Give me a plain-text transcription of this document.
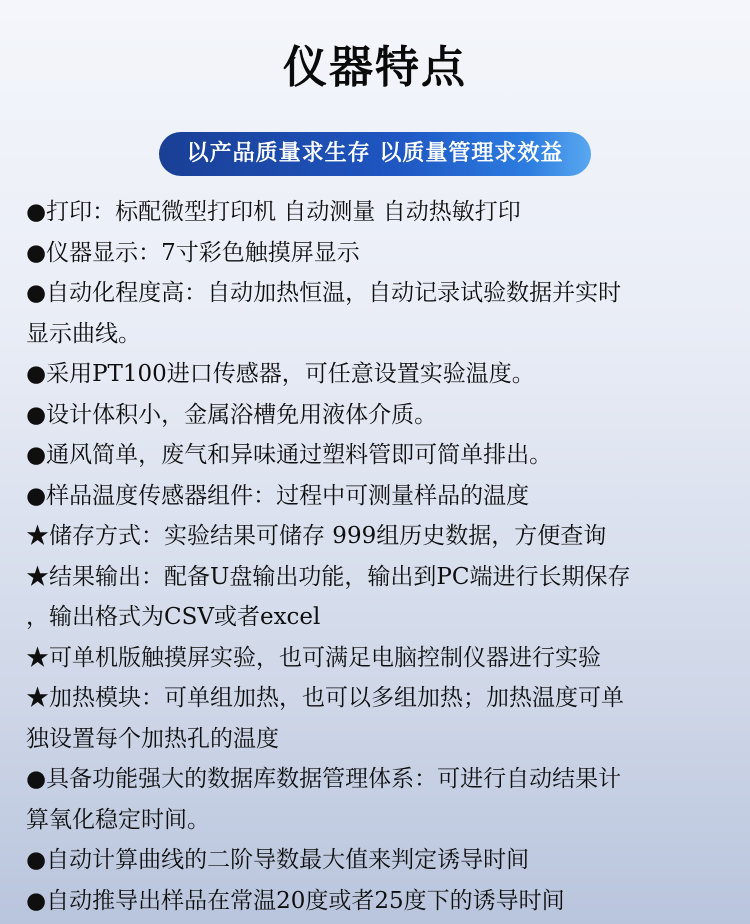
仪器特点
以产品质量求生存 以质量管理求效益
●打印：标配微型打印机 自动测量 自动热敏打印
●仪器显示：7寸彩色触摸屏显示
●自动化程度高：自动加热恒温，自动记录试验数据并实时
显示曲线。
●采用PT100进口传感器，可任意设置实验温度。
●设计体积小，金属浴槽免用液体介质。
●通风简单，废气和异味通过塑料管即可简单排出。
●样品温度传感器组件：过程中可测量样品的温度
★储存方式：实验结果可储存 999组历史数据，方便查询
★结果输出：配备U盘输出功能，输出到PC端进行长期保存
，输出格式为CSV或者excel
★可单机版触摸屏实验，也可满足电脑控制仪器进行实验
★加热模块：可单组加热，也可以多组加热；加热温度可单
独设置每个加热孔的温度
●具备功能强大的数据库数据管理体系：可进行自动结果计
算氧化稳定时间。
●自动计算曲线的二阶导数最大值来判定诱导时间
●自动推导出样品在常温20度或者25度下的诱导时间
